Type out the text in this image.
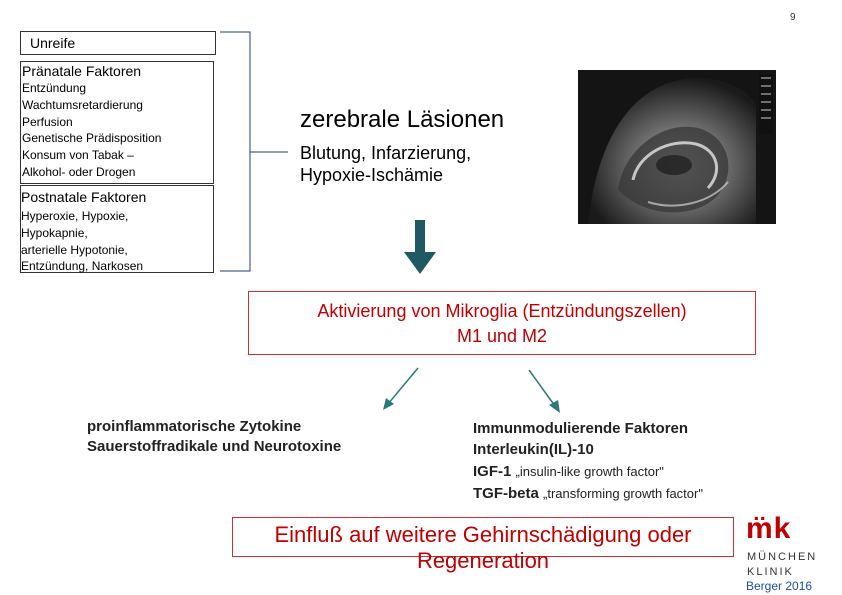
9
Unreife
Pränatale Faktoren
Entzündung
Wachtumsretardierung
Perfusion
Genetische Prädisposition
Konsum von Tabak –
Alkohol- oder Drogen
Postnatale Faktoren
Hyperoxie, Hypoxie,
Hypokapnie,
arterielle Hypotonie,
Entzündung, Narkosen
zerebrale Läsionen
Blutung, Infarzierung,
Hypoxie-Ischämie
Aktivierung von Mikroglia (Entzündungszellen)
M1 und M2
proinflammatorische Zytokine
Sauerstoffradikale und Neurotoxine
Immunmodulierende Faktoren
Interleukin(IL)-10
IGF-1 „insulin-like growth factor"
TGF-beta „transforming growth factor"
Einfluß auf weitere Gehirnschädigung oder Regeneration
m̈k
MÜNCHEN
KLINIK
Berger 2016
